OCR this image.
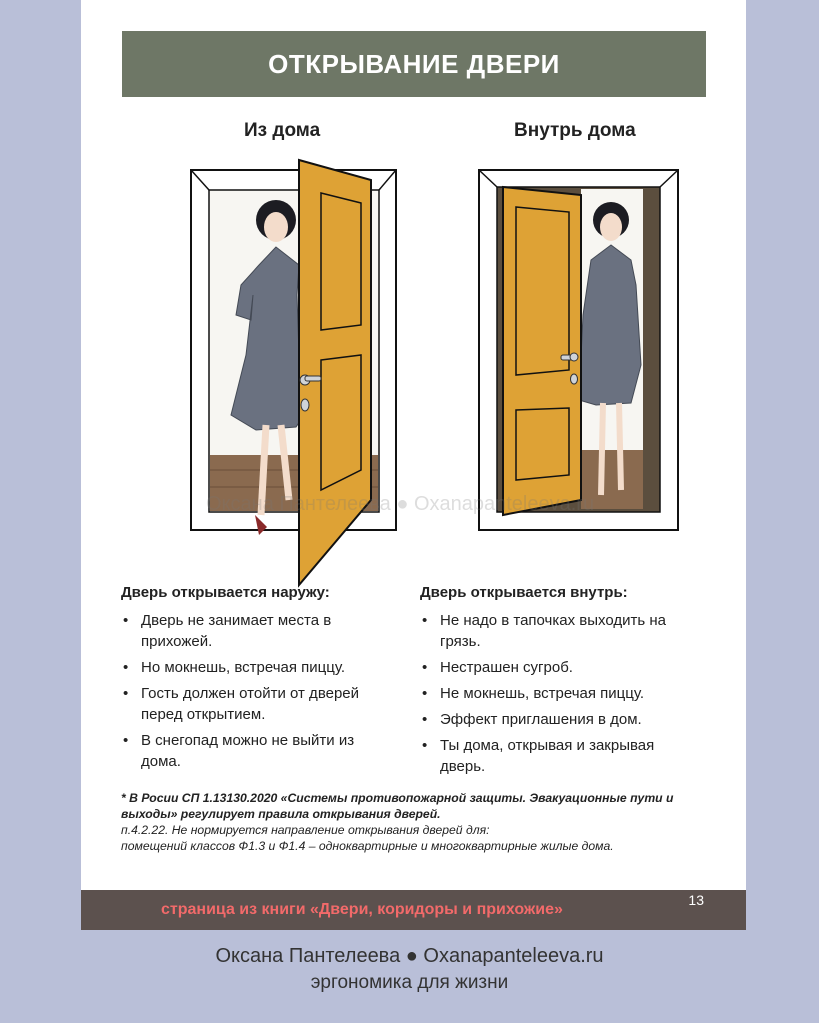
ОТКРЫВАНИЕ ДВЕРИ
Из дома	Внутрь дома
Оксана Пантелеева ● Oxanapanteleeva.ru
Дверь открывается наружу:
• Дверь не занимает места в прихожей.
• Но мокнешь, встречая пиццу.
• Гость должен отойти от дверей перед открытием.
• В снегопад можно не выйти из дома.
Дверь открывается внутрь:
• Не надо в тапочках выходить на грязь.
• Нестрашен сугроб.
• Не мокнешь, встречая пиццу.
• Эффект приглашения в дом.
• Ты дома, открывая и закрывая дверь.
* В Росии СП 1.13130.2020 «Системы противопожарной защиты. Эвакуационные пути и выходы» регулирует правила открывания дверей.
п.4.2.22. Не нормируется направление открывания дверей для:
помещений классов Ф1.3 и Ф1.4 – одноквартирные и многоквартирные жилые дома.
страница из книги «Двери, коридоры и прихожие»
13
Оксана Пантелеева ● Oxanapanteleeva.ru
эргономика для жизни
